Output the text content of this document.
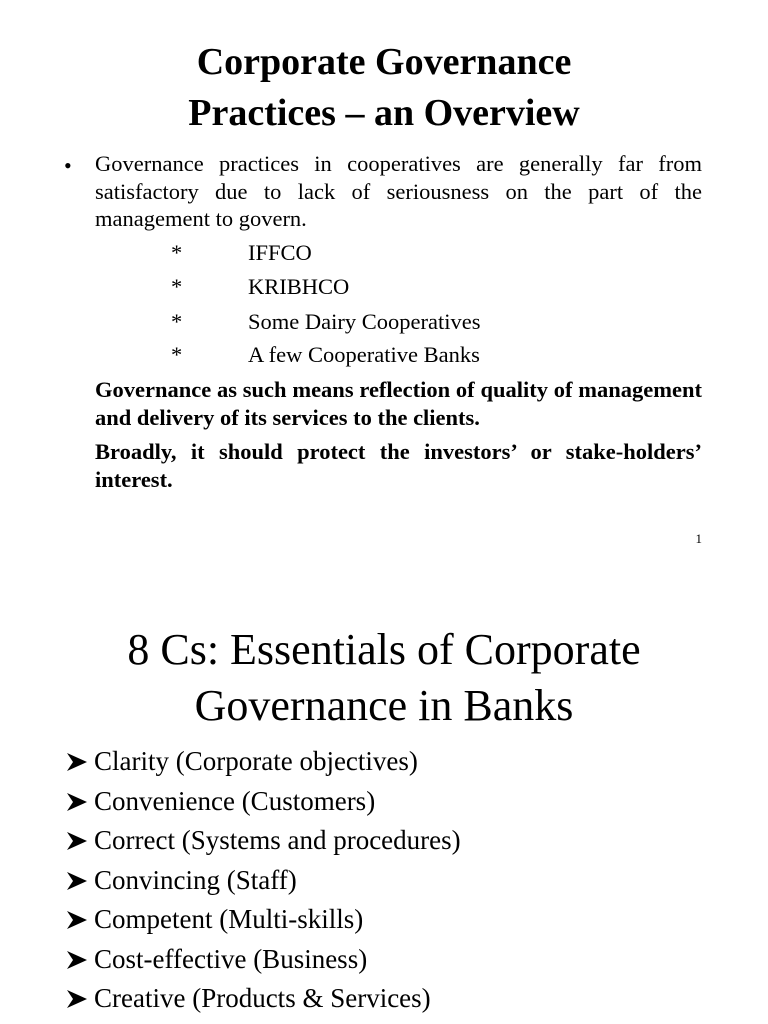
Corporate Governance
Practices – an Overview
• Governance practices in cooperatives are generally far from satisfactory due to lack of seriousness on the part of the management to govern.
*	IFFCO
*	KRIBHCO
*	Some Dairy Cooperatives
*	A few Cooperative Banks
Governance as such means reflection of quality of management and delivery of its services to the clients.
Broadly, it should protect the investors’ or stake-holders’ interest.
1
8 Cs: Essentials of Corporate
Governance in Banks
Clarity (Corporate objectives)
Convenience (Customers)
Correct (Systems and procedures)
Convincing (Staff)
Competent (Multi-skills)
Cost-effective (Business)
Creative (Products & Services)
